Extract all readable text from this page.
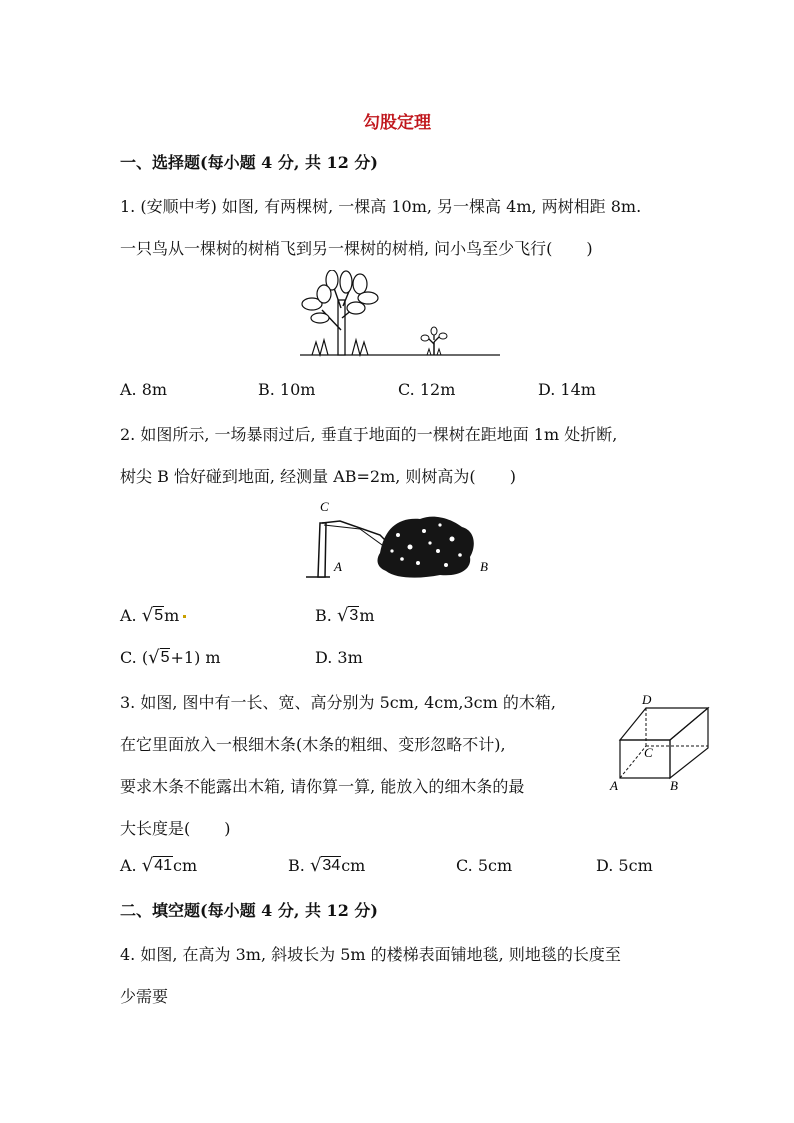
勾股定理
一、选择题(每小题 4 分, 共 12 分)
1. (安顺中考) 如图, 有两棵树, 一棵高 10m, 另一棵高 4m, 两树相距 8m.
一只鸟从一棵树的树梢飞到另一棵树的树梢, 问小鸟至少飞行( )
A. 8m	B. 10m	C. 12m	D. 14m
2. 如图所示, 一场暴雨过后, 垂直于地面的一棵树在距地面 1m 处折断,
树尖 B 恰好碰到地面, 经测量 AB=2m, 则树高为( )
C
A	B
A. √ 5 m	B. √ 3 m
C. ( √ 5 +1) m	D. 3m
3. 如图, 图中有一长、宽、高分别为 5cm, 4cm,3cm 的木箱,
在它里面放入一根细木条(木条的粗细、变形忽略不计),
要求木条不能露出木箱, 请你算一算, 能放入的细木条的最
大长度是( )
D
C
A	B
A. √ 41 cm	B. √ 34 cm	C. 5cm	D. 5cm
二、填空题(每小题 4 分, 共 12 分)
4. 如图, 在高为 3m, 斜坡长为 5m 的楼梯表面铺地毯, 则地毯的长度至
少需要
